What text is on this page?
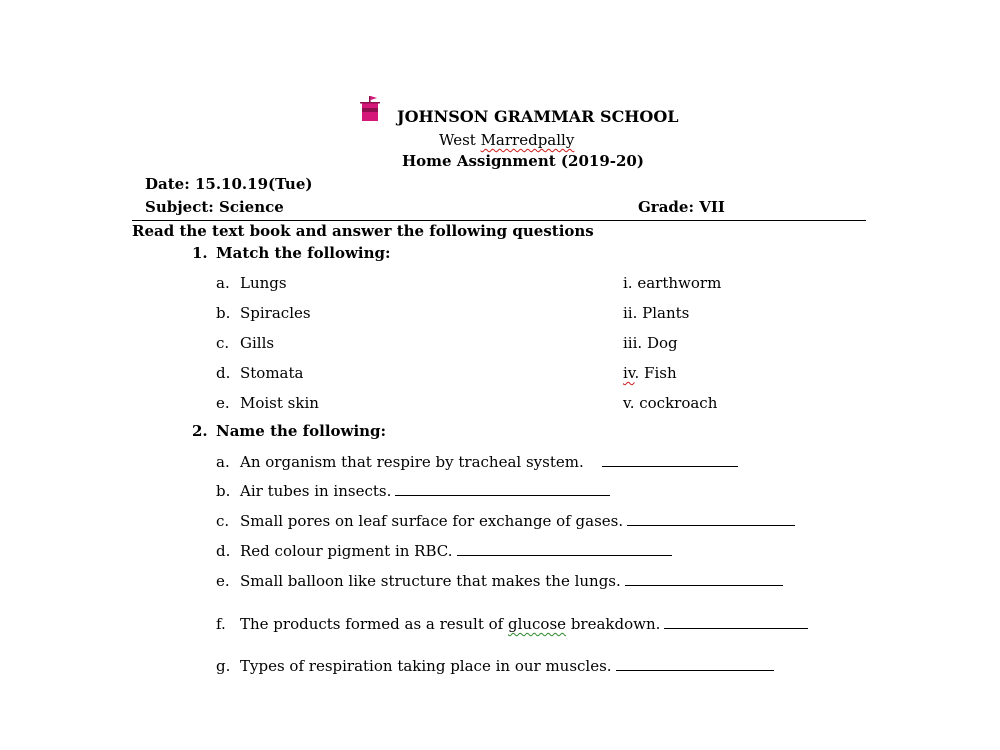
JOHNSON GRAMMAR SCHOOL
West Marredpally
Home Assignment (2019-20)
Date: 15.10.19(Tue)
Subject: Science	Grade: VII
Read the text book and answer the following questions
1. Match the following:
a. Lungs
b. Spiracles
c. Gills
d. Stomata
e. Moist skin
i. earthworm
ii. Plants
iii. Dog
iv. Fish
v. cockroach
2. Name the following:
a. An organism that respire by tracheal system.
b. Air tubes in insects.
c. Small pores on leaf surface for exchange of gases.
d. Red colour pigment in RBC.
e. Small balloon like structure that makes the lungs.
f. The products formed as a result of glucose breakdown.
g. Types of respiration taking place in our muscles.
